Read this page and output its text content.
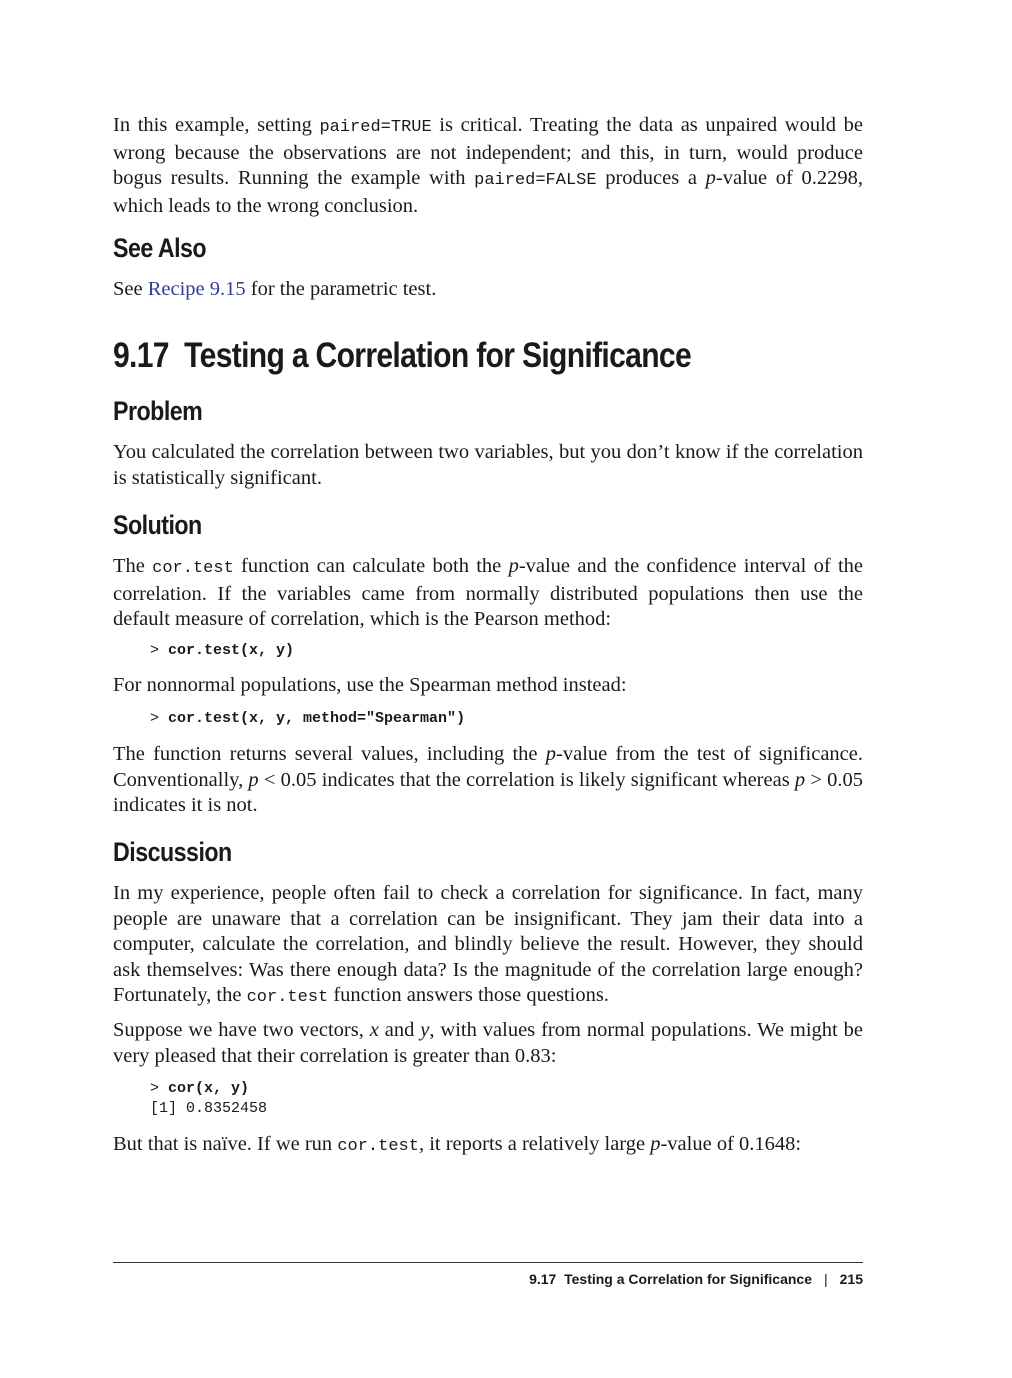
In this example, setting paired=TRUE is critical. Treating the data as unpaired would be wrong because the observations are not independent; and this, in turn, would produce bogus results. Running the example with paired=FALSE produces a p-value of 0.2298, which leads to the wrong conclusion.

See Also

See Recipe 9.15 for the parametric test.

9.17  Testing a Correlation for Significance
Problem

You calculated the correlation between two variables, but you don’t know if the correlation is statistically significant.

Solution

The cor.test function can calculate both the p-value and the confidence interval of the correlation. If the variables came from normally distributed populations then use the default measure of correlation, which is the Pearson method:

> cor.test(x, y)

For nonnormal populations, use the Spearman method instead:

> cor.test(x, y, method="Spearman")

The function returns several values, including the p-value from the test of significance. Conventionally, p < 0.05 indicates that the correlation is likely significant whereas p > 0.05 indicates it is not.

Discussion

In my experience, people often fail to check a correlation for significance. In fact, many people are unaware that a correlation can be insignificant. They jam their data into a computer, calculate the correlation, and blindly believe the result. However, they should ask themselves: Was there enough data? Is the magnitude of the correlation large enough? Fortunately, the cor.test function answers those questions.

Suppose we have two vectors, x and y, with values from normal populations. We might be very pleased that their correlation is greater than 0.83:

> cor(x, y)
[1] 0.8352458

But that is naïve. If we run cor.test, it reports a relatively large p-value of 0.1648:

9.17  Testing a Correlation for Significance | 215
